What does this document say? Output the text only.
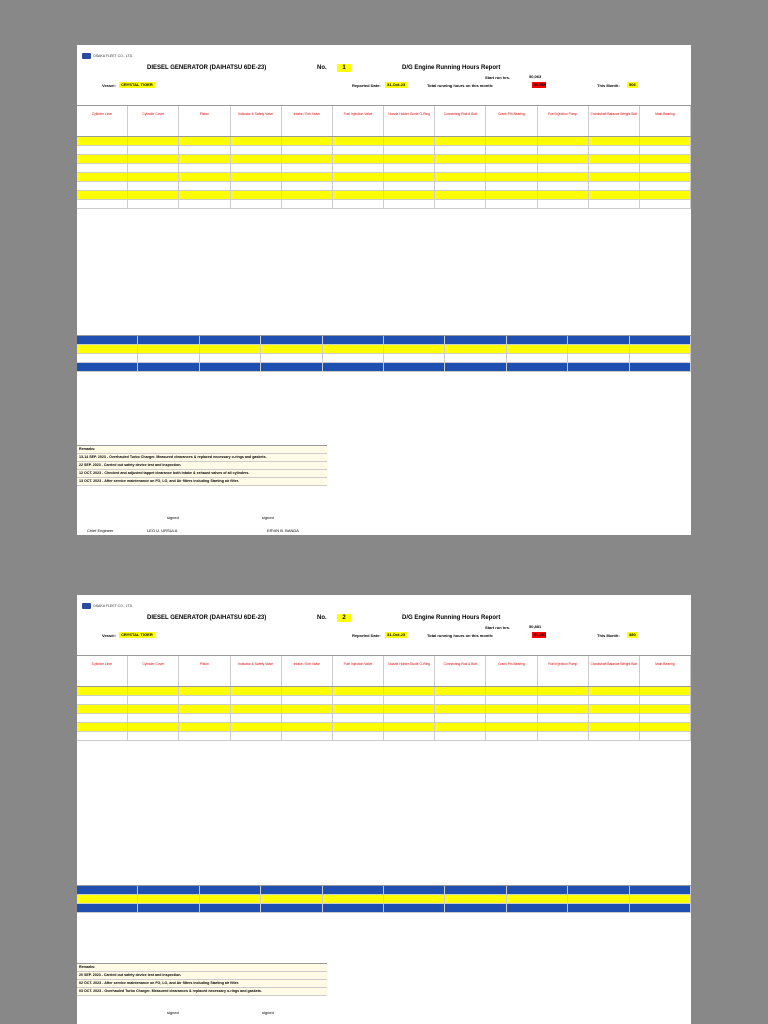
OSAKA FLEET CO., LTD.
DIESEL GENERATOR (DAIHATSU 6DE-23)	No.	1	D/G Engine Running Hours Report
Start run hrs.	50,063
Vessel:	CRYSTAL TIGER	Reported Date:	31-Oct-23	Total running hours on this month:	50,569	This Month:	506
Cylinder Liner	Cylinder Cover	Piston	Indicator & Safety Valve	Intake / Exh Valve	Fuel Injection Valve	Nozzle Holder Guide O-Ring	Connecting Rod & Bolt	Crank Pin Bearing	Fuel Injection Pump	Crankshaft Balance Weight Bolt	Main Bearing
Remarks:
13-14 SEP. 2023 - Overhauled Turbo Charger. Measured clearances & replaced necessary o-rings and gaskets.
22 SEP. 2023 - Carried out safety device test and inspection.
12 OCT. 2023 - Checked and adjusted tappet clearance both intake & exhaust valves of all cylinders.
13 OCT. 2023 - After service maintenance on FO, LO, and Air filters including Starting air filter.
signed	signed
Chief Engineer	LEO U. URSULA	ERVIN B. BANDA
OSAKA FLEET CO., LTD.
DIESEL GENERATOR (DAIHATSU 6DE-23)	No.	2	D/G Engine Running Hours Report
Start run hrs.	50,881
Vessel:	CRYSTAL TIGER	Reported Date:	31-Oct-23	Total running hours on this month:	51,261	This Month:	380
Cylinder Liner	Cylinder Cover	Piston	Indicator & Safety Valve	Intake / Exh Valve	Fuel Injection Valve	Nozzle Holder Guide O-Ring	Connecting Rod & Bolt	Crank Pin Bearing	Fuel Injection Pump	Crankshaft Balance Weight Bolt	Main Bearing
Remarks:
20 SEP. 2023 - Carried out safety device test and inspection.
02 OCT. 2023 - After service maintenance on FO, LO, and Air filters including Starting air filter.
03 OCT. 2023 - Overhauled Turbo Charger. Measured clearances & replaced necessary o-rings and gaskets.
signed	signed
